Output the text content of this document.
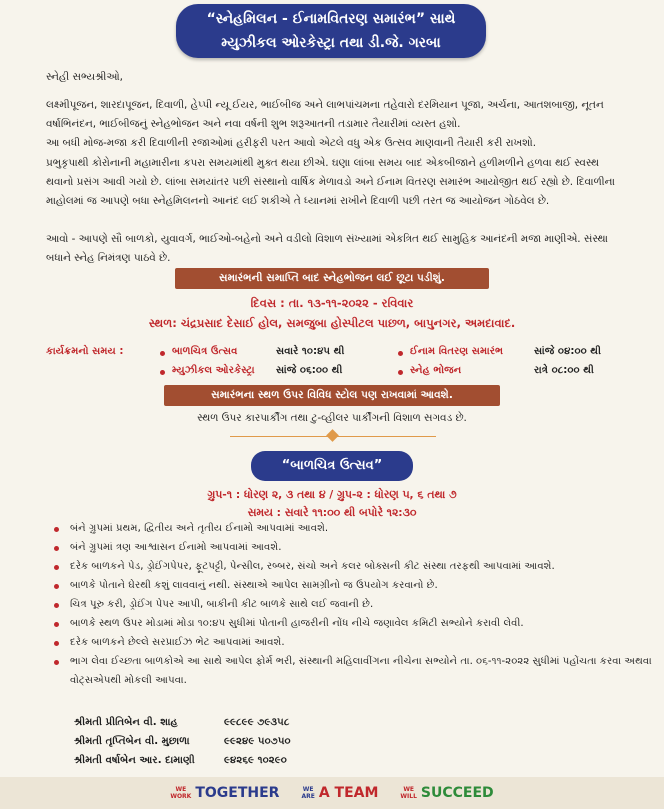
“સ્નેહમિલન - ઈનામવિતરણ સમારંભ” સાથે
મ્યુઝીકલ ઓરકેસ્ટ્રા તથા ડી.જે. ગરબા
સ્નેહી સભ્યશ્રીઓ,
લક્ષ્મીપૂજન, શારદાપૂજન, દિવાળી, હેપ્પી ન્યૂ ઈયર, ભાઈબીજ અને લાભપાંચમના તહેવારો દરમિયાન પૂજા, અર્ચના, આતશબાજી, નૂતન વર્ષાભિનંદન, ભાઈબીજનું સ્નેહભોજન અને નવા વર્ષની શુભ શરૂઆતની તડામાર તૈયારીમાં વ્યસ્ત હશો.
આ બધી મોજ-મજા કરી દિવાળીની રજાઓમાં હરીફરી પરત આવો એટલે વધુ એક ઉત્સવ માણવાની તૈયારી કરી રાખશો.
પ્રભુકૃપાથી કોરોનાની મહામારીના કપરા સમયમાંથી મુક્ત થયા છીએ. ઘણા લાંબા સમય બાદ એકબીજાને હળીમળીને હળવા થઈ સ્વસ્થ થવાનો પ્રસંગ આવી ગયો છે. લાંબા સમયાંતર પછી સંસ્થાનો વાર્ષિક મેળાવડો અને ઈનામ વિતરણ સમારંભ આયોજીત થઈ રહ્યો છે. દિવાળીના માહોલમાં જ આપણે બધા સ્નેહમિલનનો આનંદ લઈ શકીએ તે ધ્યાનમાં રાખીને દિવાળી પછી તરત જ આયોજન ગોઠવેલ છે.
આવો - આપણે સૌ બાળકો, યુવાવર્ગ, ભાઈઓ-બહેનો અને વડીલો વિશાળ સંખ્યામાં એકત્રિત થઈ સામુહિક આનંદની મજા માણીએ. સંસ્થા બધાને સ્નેહ નિમંત્રણ પાઠવે છે.
સમારંભની સમાપ્તિ બાદ સ્નેહભોજન લઈ છૂટા પડીશું.
દિવસ : તા. ૧૩-૧૧-૨૦૨૨ - રવિવાર
સ્થળ: ચંદ્રપ્રસાદ દેસાઈ હોલ, સમજુબા હોસ્પીટલ પાછળ, બાપુનગર, અમદાવાદ.
કાર્યક્રમનો સમય :	બાળચિત્ર ઉત્સવ	સવારે ૧૦:૪૫ થી	ઈનામ વિતરણ સમારંભ	સાંજે ૦૪:૦૦ થી
મ્યુઝીકલ ઓરકેસ્ટ્રા સાંજે ૦૬:૦૦ થી	સ્નેહ ભોજન	રાત્રે ૦૮:૦૦ થી
સમારંભના સ્થળ ઉપર વિવિધ સ્ટોલ પણ રાખવામાં આવશે.
સ્થળ ઉપર કારપાર્કીંગ તથા ટુ-વ્હીલર પાર્કીંગની વિશાળ સગવડ છે.
“બાળચિત્ર ઉત્સવ”
ગ્રુપ-૧ : ધોરણ ૨, ૩ તથા ૪ / ગ્રુપ-૨ : ધોરણ ૫, ૬ તથા ૭
સમય : સવારે ૧૧:૦૦ થી બપોરે ૧૨:૩૦
બંને ગ્રુપમાં પ્રથમ, દ્વિતીય અને તૃતીય ઈનામો આપવામાં આવશે.
બંને ગ્રુપમાં ત્રણ આશ્વાસન ઈનામો આપવામાં આવશે.
દરેક બાળકને પેડ, ડ્રોઈંગપેપર, ફૂટપટ્ટી, પેન્સીલ, રબ્બર, સંચો અને કલર બોક્સની કીટ સંસ્થા તરફથી આપવામાં આવશે.
બાળકે પોતાને ઘેરથી કશું લાવવાનું નથી. સંસ્થાએ આપેલ સામગ્રીનો જ ઉપયોગ કરવાનો છે.
ચિત્ર પૂરુ કરી, ડ્રોઈંગ પેપર આપી, બાકીની કીટ બાળકે સાથે લઈ જવાની છે.
બાળકે સ્થળ ઉપર મોડામાં મોડા ૧૦:૪૫ સુધીમાં પોતાની હાજરીની નોંધ નીચે જણાવેલ કમિટી સભ્યોને કરાવી લેવી.
દરેક બાળકને છેલ્લે સરપ્રાઈઝ ભેટ આપવામાં આવશે.
ભાગ લેવા ઈચ્છતા બાળકોએ આ સાથે આપેલ ફોર્મ ભરી, સંસ્થાની મહિલાવીંગના નીચેના સભ્યોને તા. ૦૬-૧૧-૨૦૨૨ સુધીમાં પહોંચતા કરવા અથવા વોટ્સએપથી મોકલી આપવા.
શ્રીમતી પ્રીતિબેન વી. શાહ	૯૯૮૯૯ ૭૯૩૫૮
શ્રીમતી તૃપ્તિબેન વી. મુછાળા	૯૯૨૪૯ ૫૦૭૫૦
શ્રીમતી વર્ષાબેન આર. દામાણી	૯૪૨૬૯ ૧૦૨૯૦
WE
WORK TOGETHER	WE
ARE A TEAM	WE
WILL SUCCEED
